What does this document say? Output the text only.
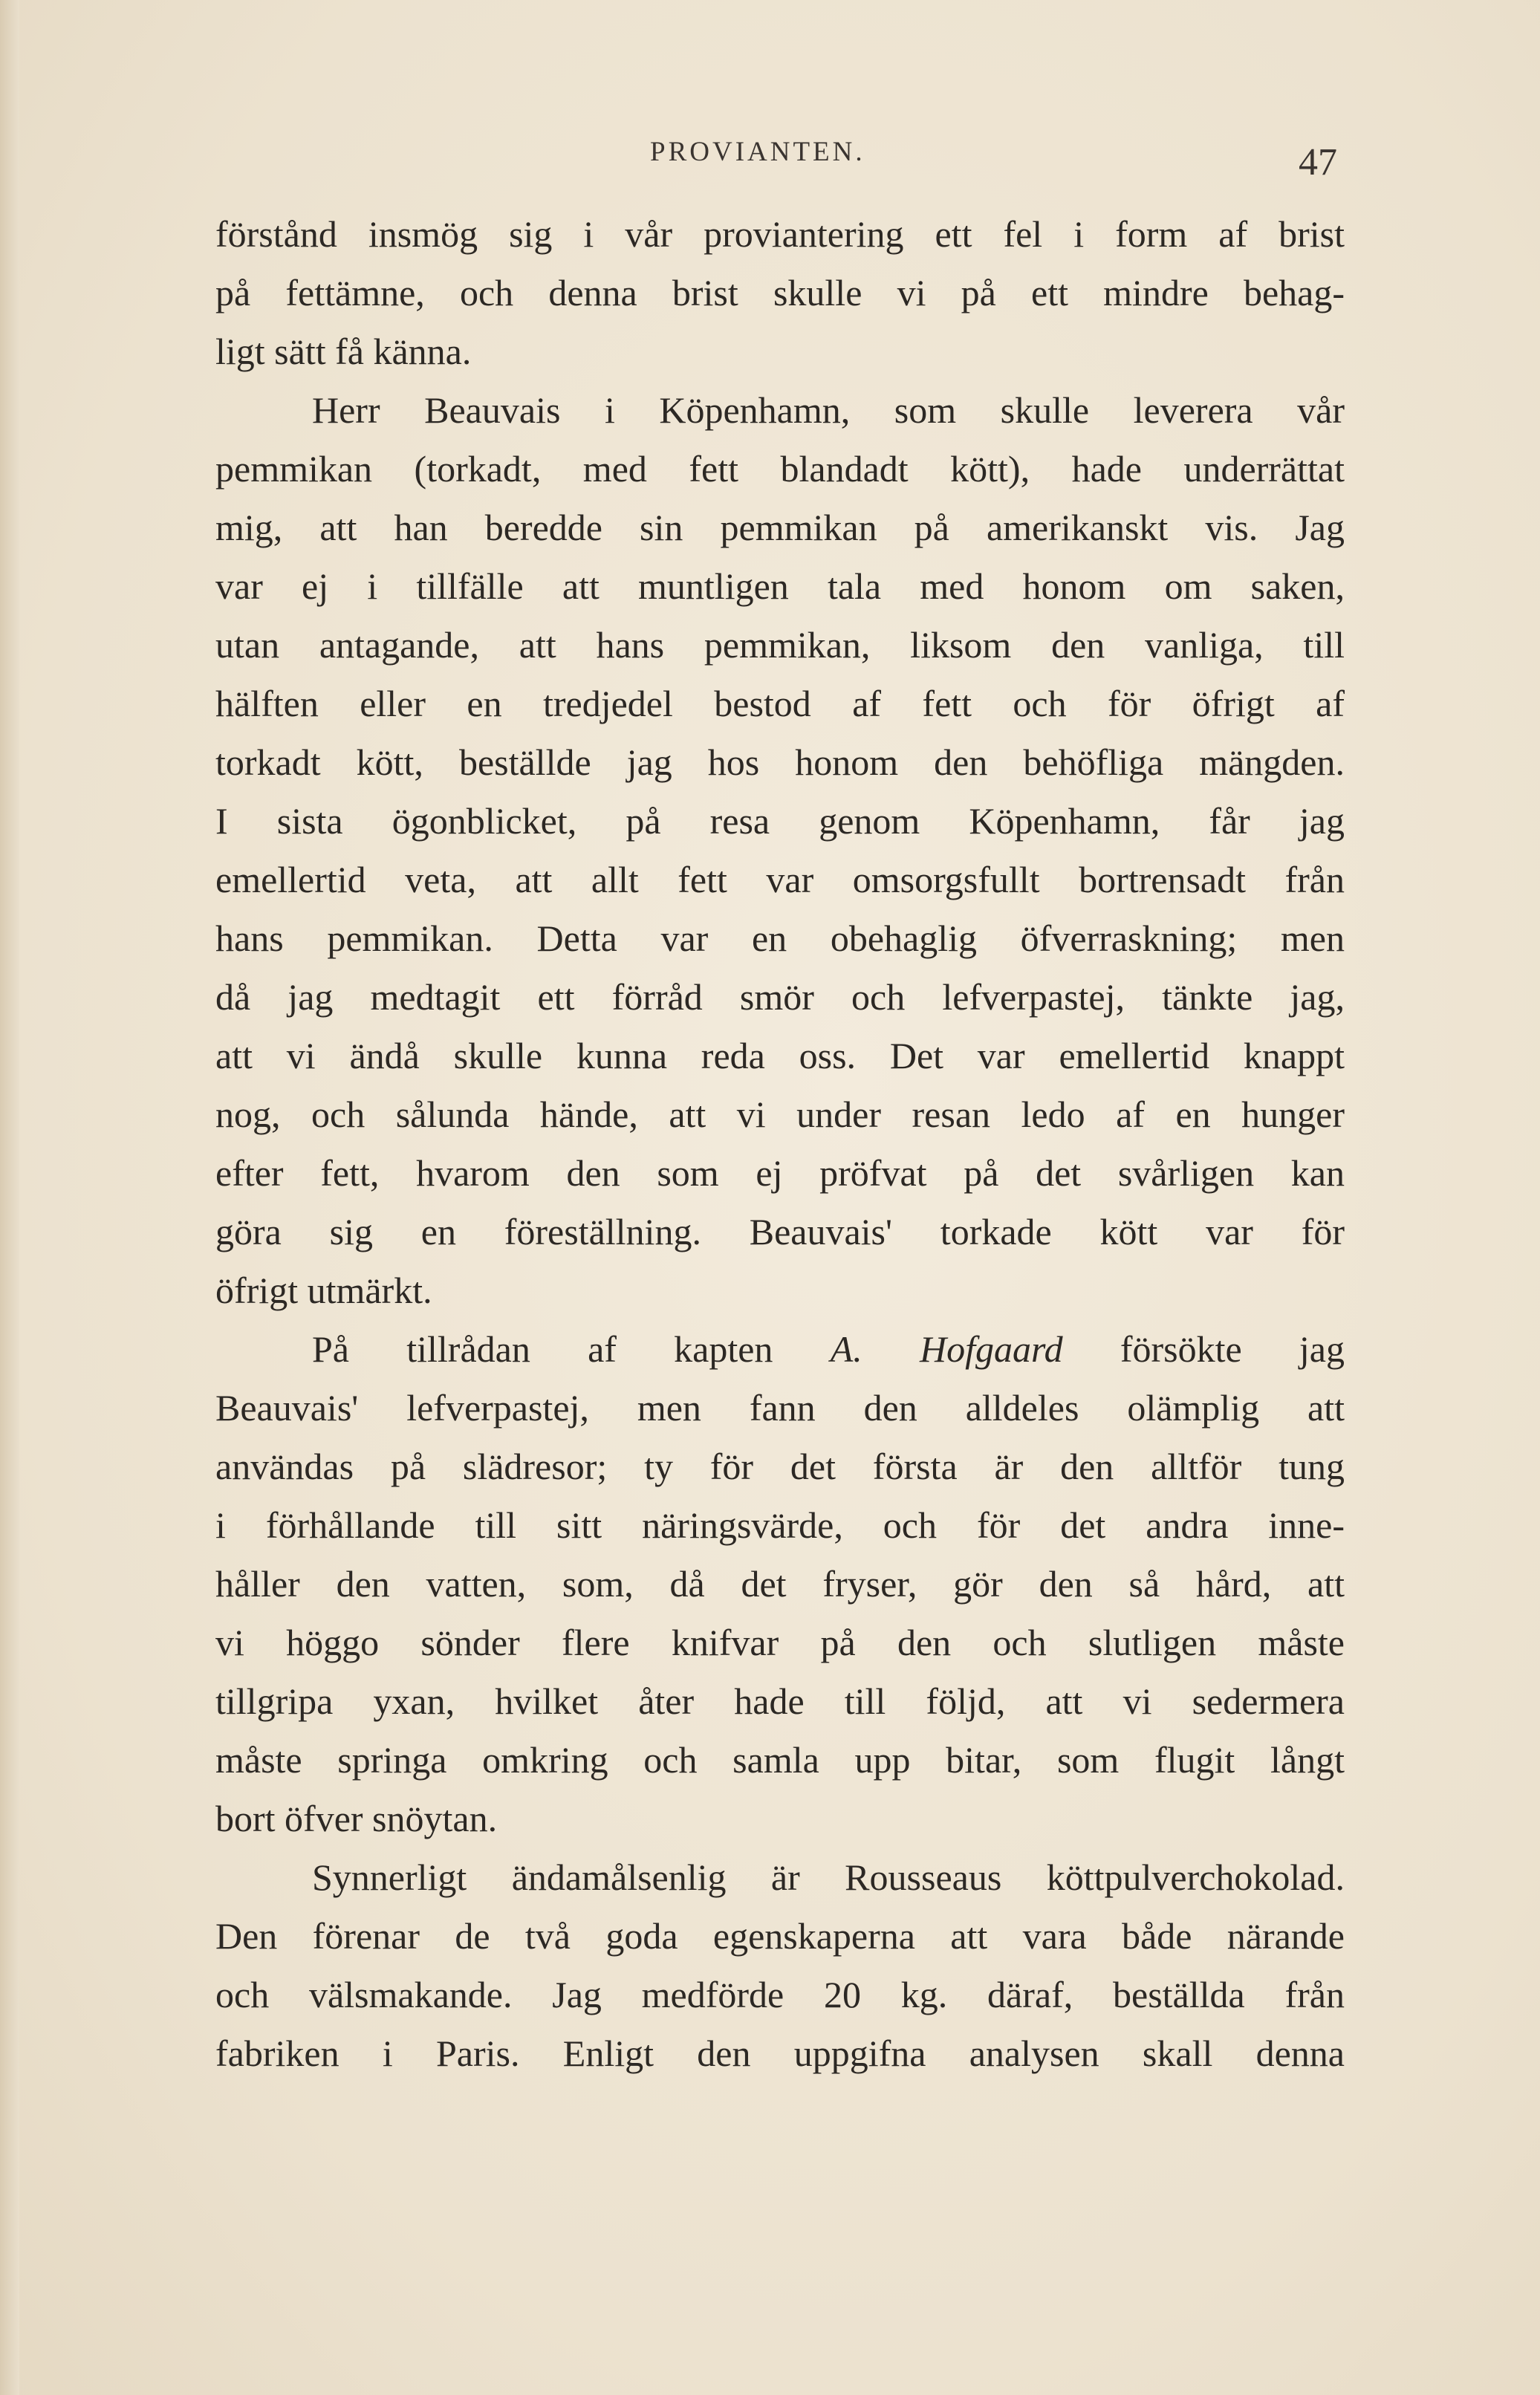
PROVIANTEN.	47
förstånd insmög sig i vår proviantering ett fel i form af brist
på fettämne, och denna brist skulle vi på ett mindre behag-
ligt sätt få känna.
Herr Beauvais i Köpenhamn, som skulle leverera vår
pemmikan (torkadt, med fett blandadt kött), hade underrättat
mig, att han beredde sin pemmikan på amerikanskt vis. Jag
var ej i tillfälle att muntligen tala med honom om saken,
utan antagande, att hans pemmikan, liksom den vanliga, till
hälften eller en tredjedel bestod af fett och för öfrigt af
torkadt kött, beställde jag hos honom den behöfliga mängden.
I sista ögonblicket, på resa genom Köpenhamn, får jag
emellertid veta, att allt fett var omsorgsfullt bortrensadt från
hans pemmikan. Detta var en obehaglig öfverraskning; men
då jag medtagit ett förråd smör och lefverpastej, tänkte jag,
att vi ändå skulle kunna reda oss. Det var emellertid knappt
nog, och sålunda hände, att vi under resan ledo af en hunger
efter fett, hvarom den som ej pröfvat på det svårligen kan
göra sig en föreställning. Beauvais' torkade kött var för
öfrigt utmärkt.
På tillrådan af kapten A. Hofgaard försökte jag
Beauvais' lefverpastej, men fann den alldeles olämplig att
användas på slädresor; ty för det första är den alltför tung
i förhållande till sitt näringsvärde, och för det andra inne-
håller den vatten, som, då det fryser, gör den så hård, att
vi höggo sönder flere knifvar på den och slutligen måste
tillgripa yxan, hvilket åter hade till följd, att vi sedermera
måste springa omkring och samla upp bitar, som flugit långt
bort öfver snöytan.
Synnerligt ändamålsenlig är Rousseaus köttpulverchokolad.
Den förenar de två goda egenskaperna att vara både närande
och välsmakande. Jag medförde 20 kg. däraf, beställda från
fabriken i Paris. Enligt den uppgifna analysen skall denna
